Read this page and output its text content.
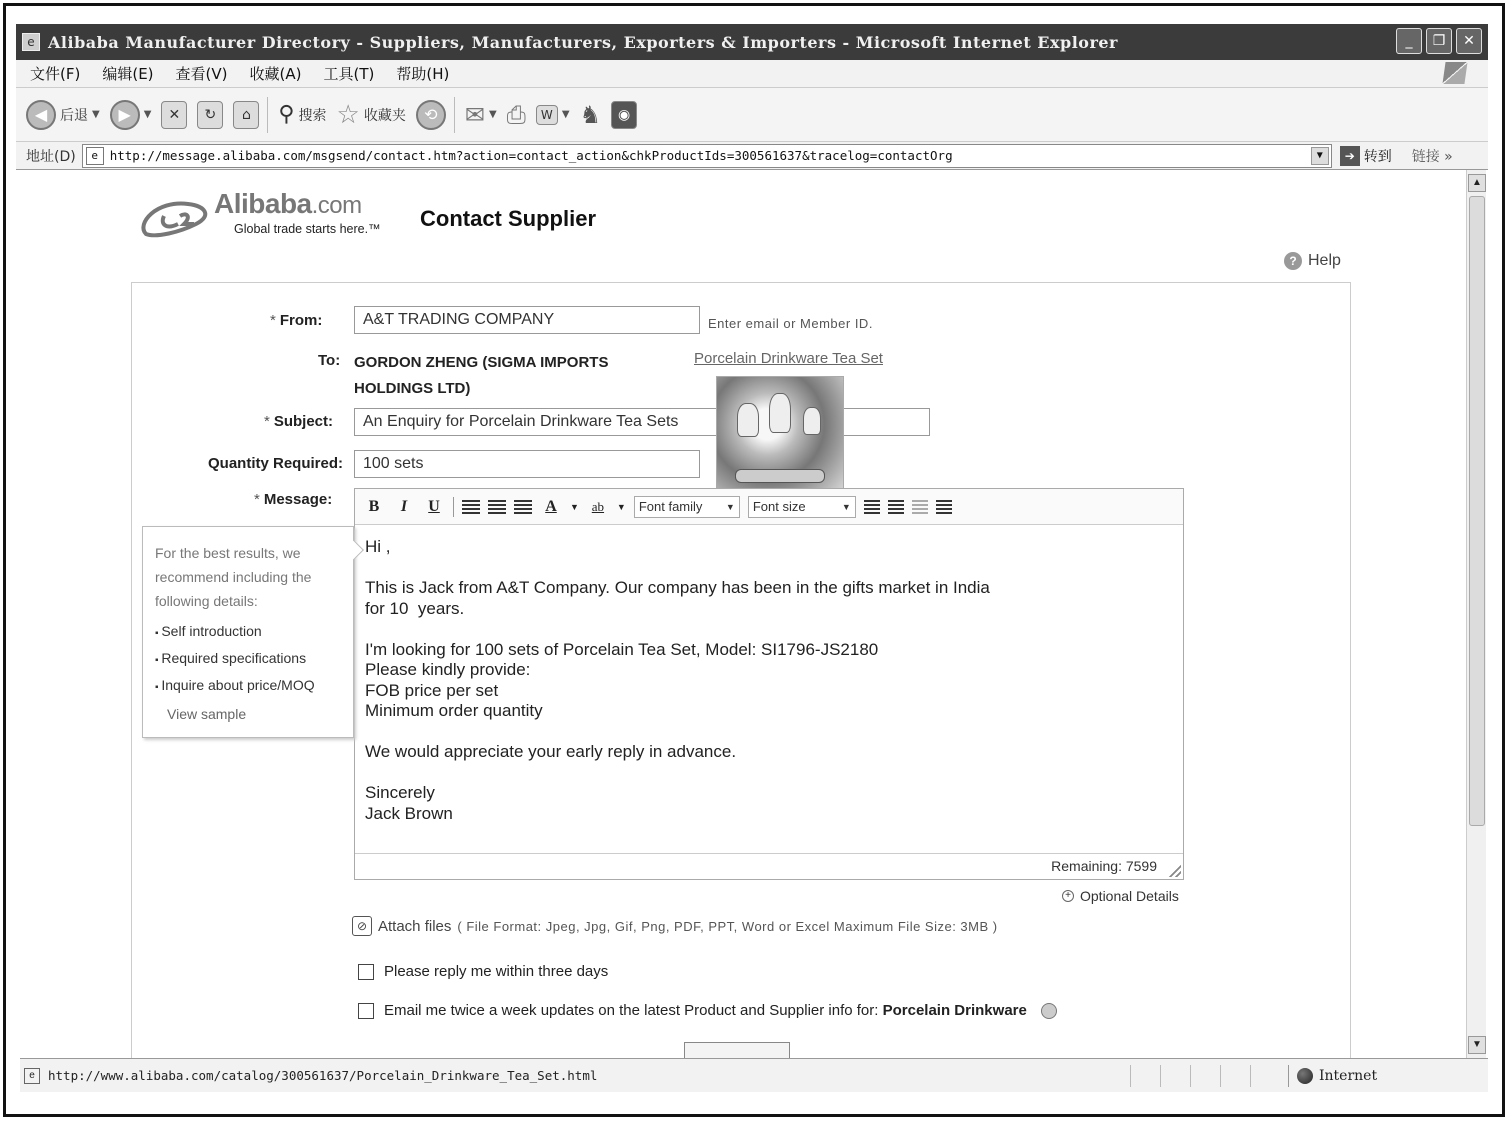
e Alibaba Manufacturer Directory - Suppliers, Manufacturers, Exporters & Importers - Microsoft Internet Explorer	_	❐	✕
文件(F) 编辑(E) 查看(V) 收藏(A) 工具(T) 帮助(H)
◀ 后退 ▼	▶	▼	✕	↻	⌂	⚲ 搜索 ☆ 收藏夹	⟲	✉ ▼ ⎙	W ▼ ♞	◉
地址(D)	e http://message.alibaba.com/msgsend/contact.htm?action=contact_action&chkProductIds=300561637&tracelog=contactOrg	▼	➔ 转到 链接 »
Alibaba.com
Global trade starts here.™ Contact Supplier
? Help
* From:	A&T TRADING COMPANY	Enter email or Member ID.
To: GORDON ZHENG (SIGMA IMPORTS HOLDINGS LTD)
Porcelain Drinkware Tea Set
* Subject:	An Enquiry for Porcelain Drinkware Tea Sets
Quantity Required:	100 sets
* Message:	B	I	U	A	▼ ab	▼ Font family	▼ Font size	▼

Hi ,

This is Jack from A&T Company. Our company has been in the gifts market in India

for 10  years.

I'm looking for 100 sets of Porcelain Tea Set, Model: SI1796-JS2180

Please kindly provide:

FOB price per set

Minimum order quantity

We would appreciate your early reply in advance.

Sincerely

Jack Brown

Remaining: 7599
For the best results, we recommend including the following details:
▪ Self introduction
▪ Required specifications
▪ Inquire about price/MOQ
View sample
+ Optional Details
⊘ Attach files ( File Format: Jpeg, Jpg, Gif, Png, PDF, PPT, Word or Excel Maximum File Size: 3MB )
Please reply me within three days
Email me twice a week updates on the latest Product and Supplier info for: Porcelain Drinkware
▲
▼
e	http://www.alibaba.com/catalog/300561637/Porcelain_Drinkware_Tea_Set.html	Internet
